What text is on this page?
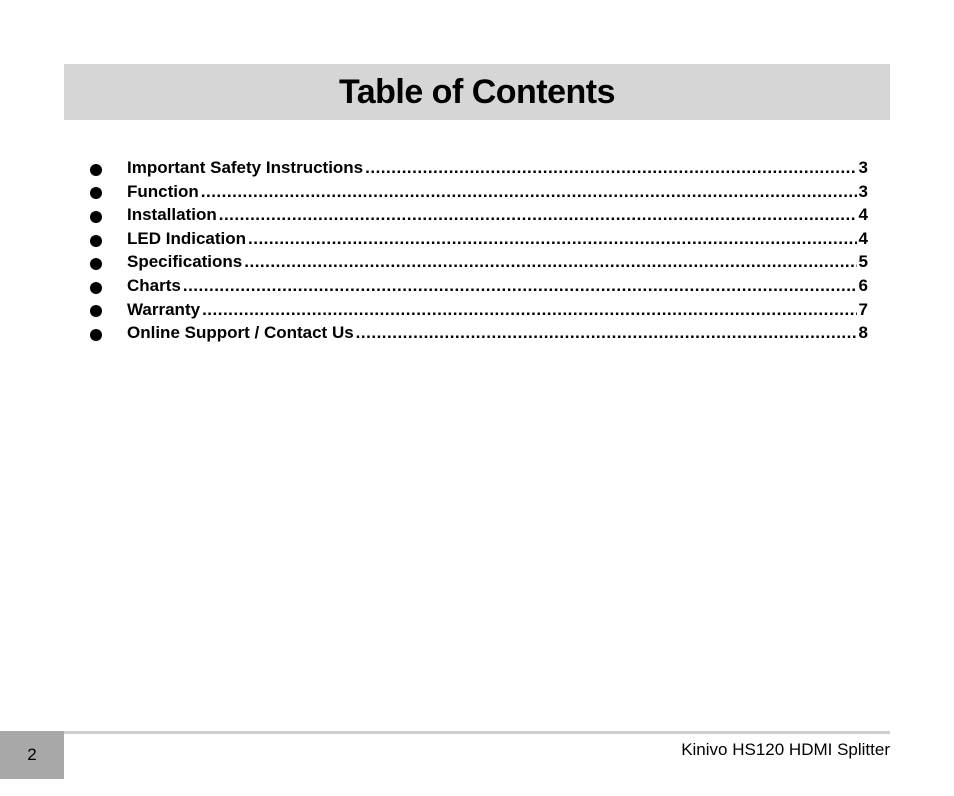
Table of Contents
Important Safety Instructions .....	3
Function .....	3
Installation .....	4
LED Indication .....	4
Specifications .....	5
Charts .....	6
Warranty .....	7
Online Support / Contact Us .....	8
2	Kinivo HS120 HDMI Splitter
